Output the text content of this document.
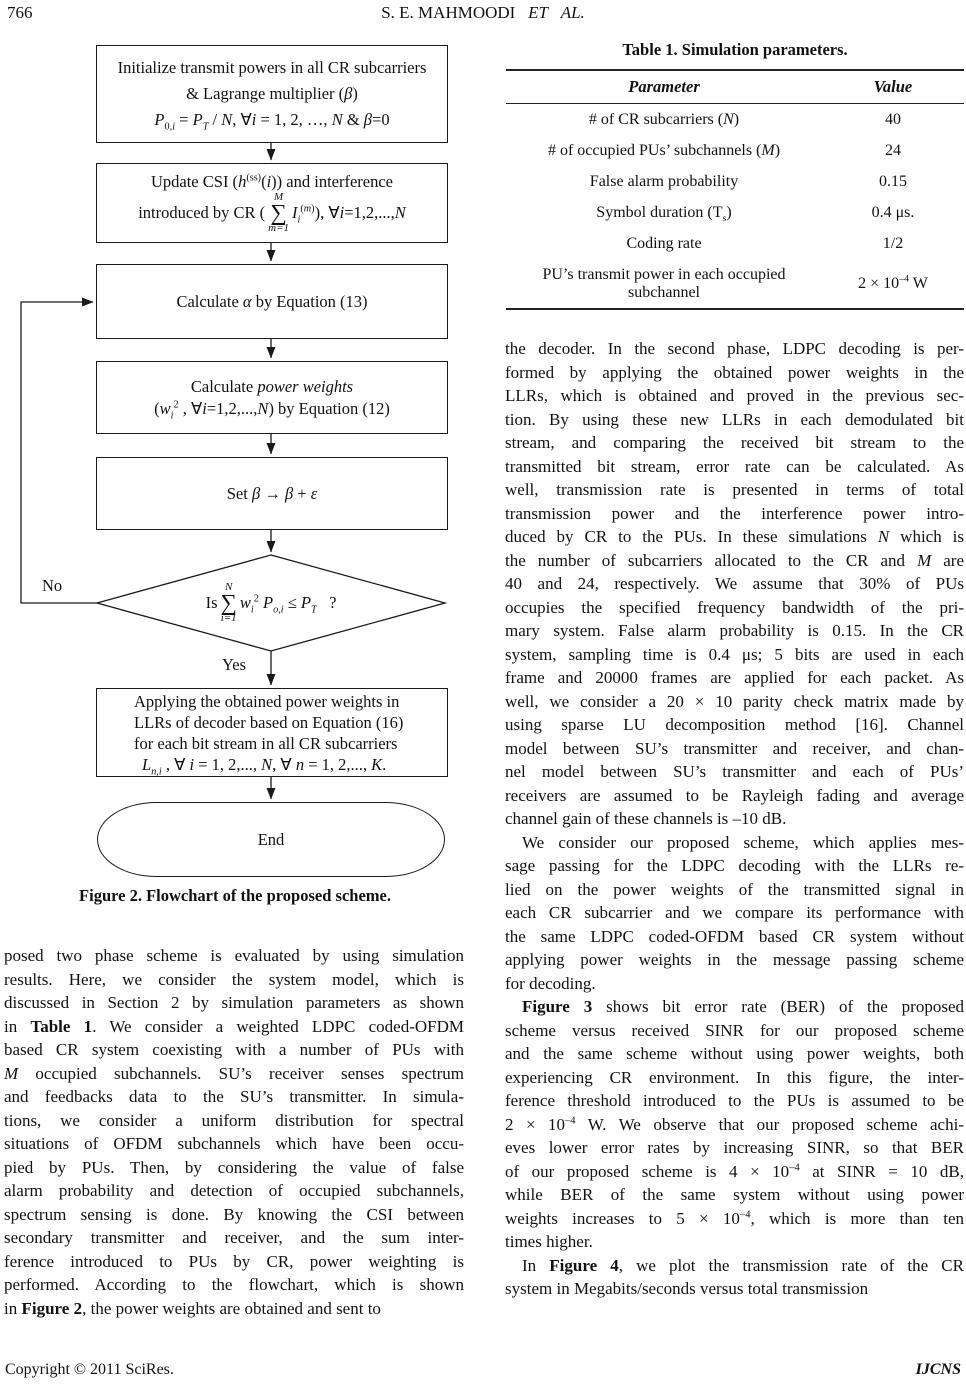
766	S. E. MAHMOODI  ET   AL.
Initialize transmit powers in all CR subcarriers
& Lagrange multiplier (β)
$P_{0,i} = P_T / N$, ∀i = 1, 2, …, N & β=0
Update CSI $(h^{(ss)}(i))$ and interference
introduced by CR (
M
∑
m=1
$I_i^{(m)}$), ∀i=1,2,...,N
Calculate α by Equation (13)
Calculate power weights
($w_i^2$ , ∀i=1,2,...,N) by Equation (12)
Set β → β + ε
Is
N
∑
i=1
$w_i^2$ $P_{o,i} \le P_T$  ?
No
Yes
Applying the obtained power weights in
LLRs of decoder based on Equation (16)
for each bit stream in all CR subcarriers
$L_{n,i}$ , ∀ i = 1, 2,..., N, ∀ n = 1, 2,..., K.
End
Figure 2. Flowchart of the proposed scheme.
Table 1. Simulation parameters.
Parameter	Value
# of CR subcarriers (N)	40
# of occupied PUs’ subchannels (M)	24
False alarm probability	0.15
Symbol duration $(T_s)$	0.4 μs.
Coding rate	1/2
PU’s transmit power in each occupied subchannel	$2 \times 10^{-4}$ W
posed two phase scheme is evaluated by using simulation
results. Here, we consider the system model, which is
discussed in Section 2 by simulation parameters as shown
in Table 1. We consider a weighted LDPC coded-OFDM
based CR system coexisting with a number of PUs with
M occupied subchannels. SU’s receiver senses spectrum
and feedbacks data to the SU’s transmitter. In simula-
tions, we consider a uniform distribution for spectral
situations of OFDM subchannels which have been occu-
pied by PUs. Then, by considering the value of false
alarm probability and detection of occupied subchannels,
spectrum sensing is done. By knowing the CSI between
secondary transmitter and receiver, and the sum inter-
ference introduced to PUs by CR, power weighting is
performed. According to the flowchart, which is shown
in Figure 2, the power weights are obtained and sent to
the decoder. In the second phase, LDPC decoding is per-
formed by applying the obtained power weights in the
LLRs, which is obtained and proved in the previous sec-
tion. By using these new LLRs in each demodulated bit
stream, and comparing the received bit stream to the
transmitted bit stream, error rate can be calculated. As
well, transmission rate is presented in terms of total
transmission power and the interference power intro-
duced by CR to the PUs. In these simulations N which is
the number of subcarriers allocated to the CR and M are
40 and 24, respectively. We assume that 30% of PUs
occupies the specified frequency bandwidth of the pri-
mary system. False alarm probability is 0.15. In the CR
system, sampling time is 0.4 μs; 5 bits are used in each
frame and 20000 frames are applied for each packet. As
well, we consider a 20 × 10 parity check matrix made by
using sparse LU decomposition method [16]. Channel
model between SU’s transmitter and receiver, and chan-
nel model between SU’s transmitter and each of PUs’
receivers are assumed to be Rayleigh fading and average
channel gain of these channels is –10 dB.
We consider our proposed scheme, which applies mes-
sage passing for the LDPC decoding with the LLRs re-
lied on the power weights of the transmitted signal in
each CR subcarrier and we compare its performance with
the same LDPC coded-OFDM based CR system without
applying power weights in the message passing scheme
for decoding.
Figure 3 shows bit error rate (BER) of the proposed
scheme versus received SINR for our proposed scheme
and the same scheme without using power weights, both
experiencing CR environment. In this figure, the inter-
ference threshold introduced to the PUs is assumed to be
$2 \times 10^{-4}$ W. We observe that our proposed scheme achi-
eves lower error rates by increasing SINR, so that BER
of our proposed scheme is $4 \times 10^{-4}$ at SINR = 10 dB,
while BER of the same system without using power
weights increases to $5 \times 10^{-4}$, which is more than ten
times higher.
In Figure 4, we plot the transmission rate of the CR
system in Megabits/seconds versus total transmission
Copyright © 2011 SciRes.	IJCNS
